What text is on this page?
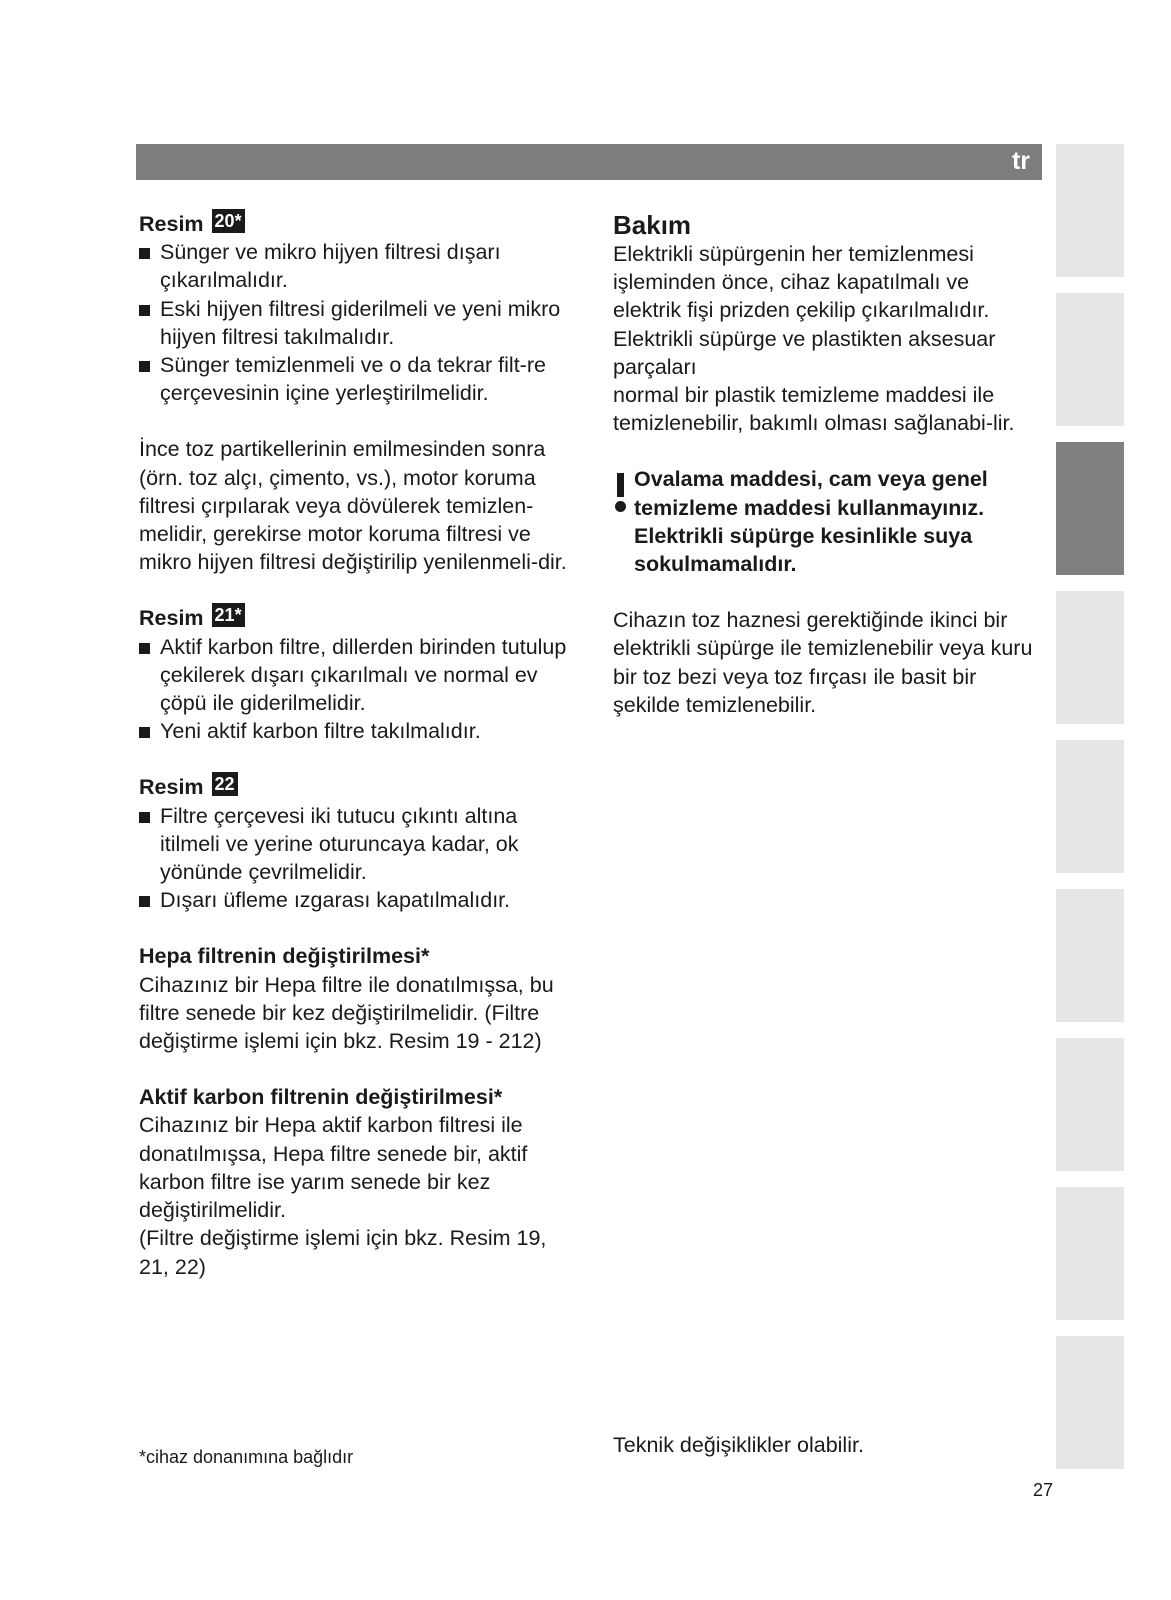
tr
Resim 20*
Sünger ve mikro hijyen filtresi dışarı çıkarılmalıdır.
Eski hijyen filtresi giderilmeli ve yeni mikro hijyen filtresi takılmalıdır.
Sünger temizlenmeli ve o da tekrar filt-re çerçevesinin içine yerleştirilmelidir.
İnce toz partikellerinin emilmesinden sonra (örn. toz alçı, çimento, vs.), motor koruma filtresi çırpılarak veya dövülerek temizlen-melidir, gerekirse motor koruma filtresi ve mikro hijyen filtresi değiştirilip yenilenmeli-dir.
Resim 21*
Aktif karbon filtre, dillerden birinden tutulup çekilerek dışarı çıkarılmalı ve normal ev çöpü ile giderilmelidir.
Yeni aktif karbon filtre takılmalıdır.
Resim 22
Filtre çerçevesi iki tutucu çıkıntı altına itilmeli ve yerine oturuncaya kadar, ok yönünde çevrilmelidir.
Dışarı üfleme ızgarası kapatılmalıdır.
Hepa filtrenin değiştirilmesi*
Cihazınız bir Hepa filtre ile donatılmışsa, bu filtre senede bir kez değiştirilmelidir. (Filtre değiştirme işlemi için bkz. Resim 19 - 212)
Aktif karbon filtrenin değiştirilmesi*
Cihazınız bir Hepa aktif karbon filtresi ile donatılmışsa, Hepa filtre senede bir, aktif karbon filtre ise yarım senede bir kez değiştirilmelidir.
(Filtre değiştirme işlemi için bkz. Resim 19, 21, 22)
Bakım
Elektrikli süpürgenin her temizlenmesi işleminden önce, cihaz kapatılmalı ve elektrik fişi prizden çekilip çıkarılmalıdır.
Elektrikli süpürge ve plastikten aksesuar parçaları
normal bir plastik temizleme maddesi ile temizlenebilir, bakımlı olması sağlanabi-lir.
Ovalama maddesi, cam veya genel temizleme maddesi kullanmayınız. Elektrikli süpürge kesinlikle suya sokulmamalıdır.
Cihazın toz haznesi gerektiğinde ikinci bir elektrikli süpürge ile temizlenebilir veya kuru bir toz bezi veya toz fırçası ile basit bir şekilde temizlenebilir.
*cihaz donanımına bağlıdır	Teknik değişiklikler olabilir.
27
